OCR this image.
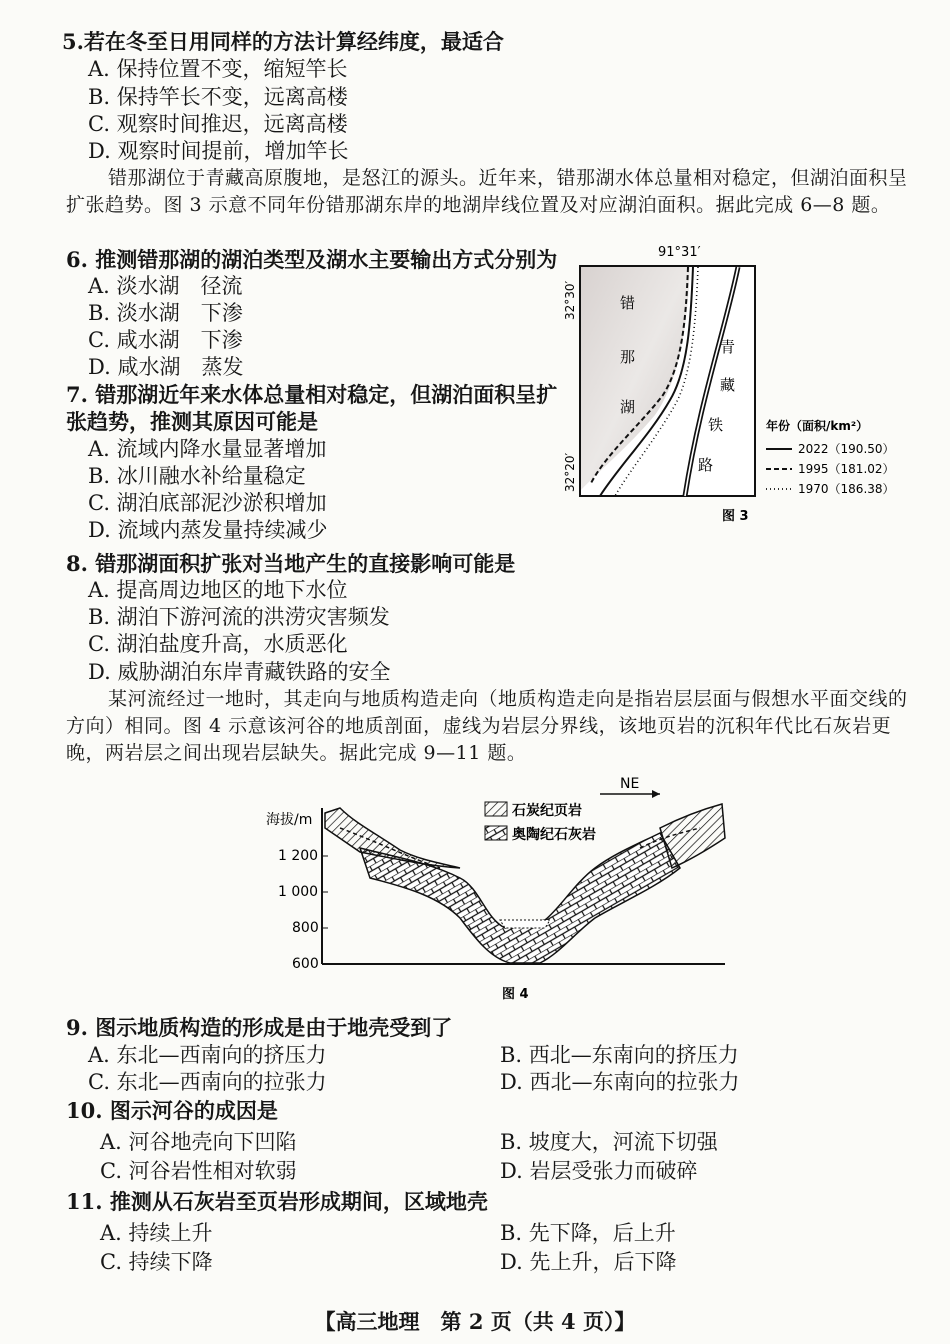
5.若在冬至日用同样的方法计算经纬度，最适合
A. 保持位置不变，缩短竿长
B. 保持竿长不变，远离高楼
C. 观察时间推迟，远离高楼
D. 观察时间提前，增加竿长
错那湖位于青藏高原腹地，是怒江的源头。近年来，错那湖水体总量相对稳定，但湖泊面积呈扩张趋势。图 3 示意不同年份错那湖东岸的地湖岸线位置及对应湖泊面积。据此完成 6—8 题。
6. 推测错那湖的湖泊类型及湖水主要输出方式分别为
A. 淡水湖　径流
B. 淡水湖　下渗
C. 咸水湖　下渗
D. 咸水湖　蒸发
7. 错那湖近年来水体总量相对稳定，但湖泊面积呈扩
张趋势，推测其原因可能是
A. 流域内降水量显著增加
B. 冰川融水补给量稳定
C. 湖泊底部泥沙淤积增加
D. 流域内蒸发量持续减少
91°31′
32°30′
32°20′
错
那
湖
青
藏
铁
路
年份（面积/km²）
2022（190.50）
1995（181.02）
1970（186.38）
图 3
8. 错那湖面积扩张对当地产生的直接影响可能是
A. 提高周边地区的地下水位
B. 湖泊下游河流的洪涝灾害频发
C. 湖泊盐度升高，水质恶化
D. 威胁湖泊东岸青藏铁路的安全
某河流经过一地时，其走向与地质构造走向（地质构造走向是指岩层层面与假想水平面交线的方向）相同。图 4 示意该河谷的地质剖面，虚线为岩层分界线，该地页岩的沉积年代比石灰岩更晚，两岩层之间出现岩层缺失。据此完成 9—11 题。
海拔/m
1 200
1 000
800
600
NE
石炭纪页岩
奥陶纪石灰岩
图 4
9. 图示地质构造的形成是由于地壳受到了
A. 东北—西南向的挤压力	B. 西北—东南向的挤压力
C. 东北—西南向的拉张力	D. 西北—东南向的拉张力
10. 图示河谷的成因是
A. 河谷地壳向下凹陷	B. 坡度大，河流下切强
C. 河谷岩性相对软弱	D. 岩层受张力而破碎
11. 推测从石灰岩至页岩形成期间，区域地壳
A. 持续上升	B. 先下降，后上升
C. 持续下降	D. 先上升，后下降
【高三地理　第 2 页（共 4 页）】
